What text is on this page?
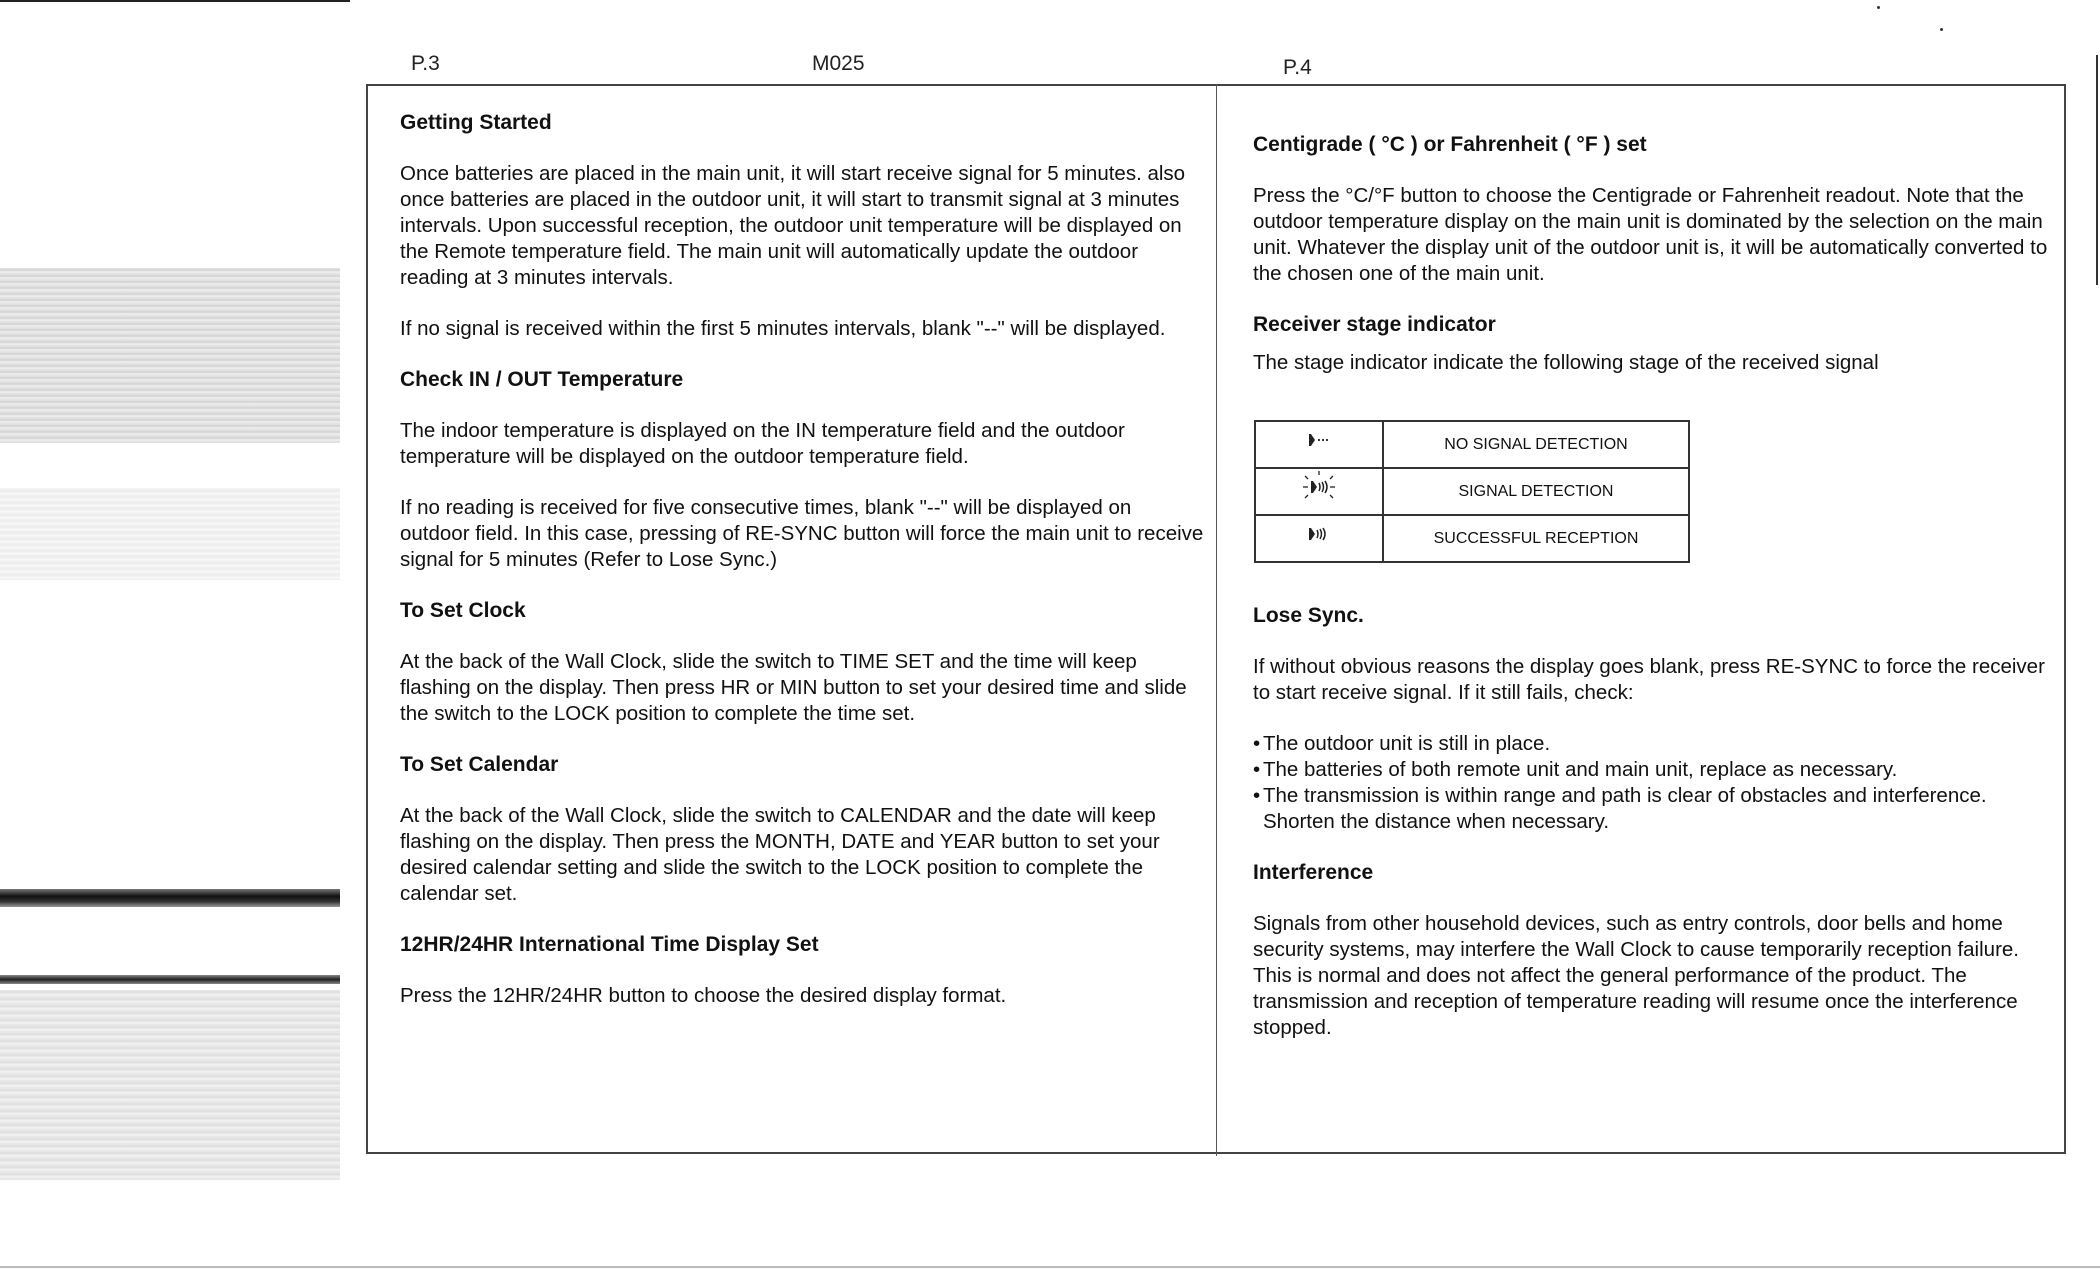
P.3	M025	P.4
Getting Started

Once batteries are placed in the main unit, it will start receive signal for 5 minutes. also once batteries are placed in the outdoor unit, it will start to transmit signal at 3 minutes intervals. Upon successful reception, the outdoor unit temperature will be displayed on the Remote temperature field. The main unit will automatically update the outdoor reading at 3 minutes intervals.

If no signal is received within the first 5 minutes intervals, blank "--" will be displayed.

Check IN / OUT Temperature

The indoor temperature is displayed on the IN temperature field and the outdoor temperature will be displayed on the outdoor temperature field.

If no reading is received for five consecutive times, blank "--" will be displayed on outdoor field. In this case, pressing of RE-SYNC button will force the main unit to receive signal for 5 minutes (Refer to Lose Sync.)

To Set Clock

At the back of the Wall Clock, slide the switch to TIME SET and the time will keep flashing on the display. Then press HR or MIN button to set your desired time and slide the switch to the LOCK position to complete the time set.

To Set Calendar

At the back of the Wall Clock, slide the switch to CALENDAR and the date will keep flashing on the display. Then press the MONTH, DATE and YEAR button to set your desired calendar setting and slide the switch to the LOCK position to complete the calendar set.

12HR/24HR International Time Display Set

Press the 12HR/24HR button to choose the desired display format.

Centigrade ( °C ) or Fahrenheit ( °F ) set

Press the °C/°F button to choose the Centigrade or Fahrenheit readout. Note that the outdoor temperature display on the main unit is dominated by the selection on the main unit. Whatever the display unit of the outdoor unit is, it will be automatically converted to the chosen one of the main unit.

Receiver stage indicator

The stage indicator indicate the following stage of the received signal

	NO SIGNAL DETECTION
	SIGNAL DETECTION
	SUCCESSFUL RECEPTION
Lose Sync.

If without obvious reasons the display goes blank, press RE-SYNC to force the receiver to start receive signal. If it still fails, check:

• The outdoor unit is still in place.
• The batteries of both remote unit and main unit, replace as necessary.
• The transmission is within range and path is clear of obstacles and interference. Shorten the distance when necessary.
Interference

Signals from other household devices, such as entry controls, door bells and home security systems, may interfere the Wall Clock to cause temporarily reception failure. This is normal and does not affect the general performance of the product. The transmission and reception of temperature reading will resume once the interference stopped.
